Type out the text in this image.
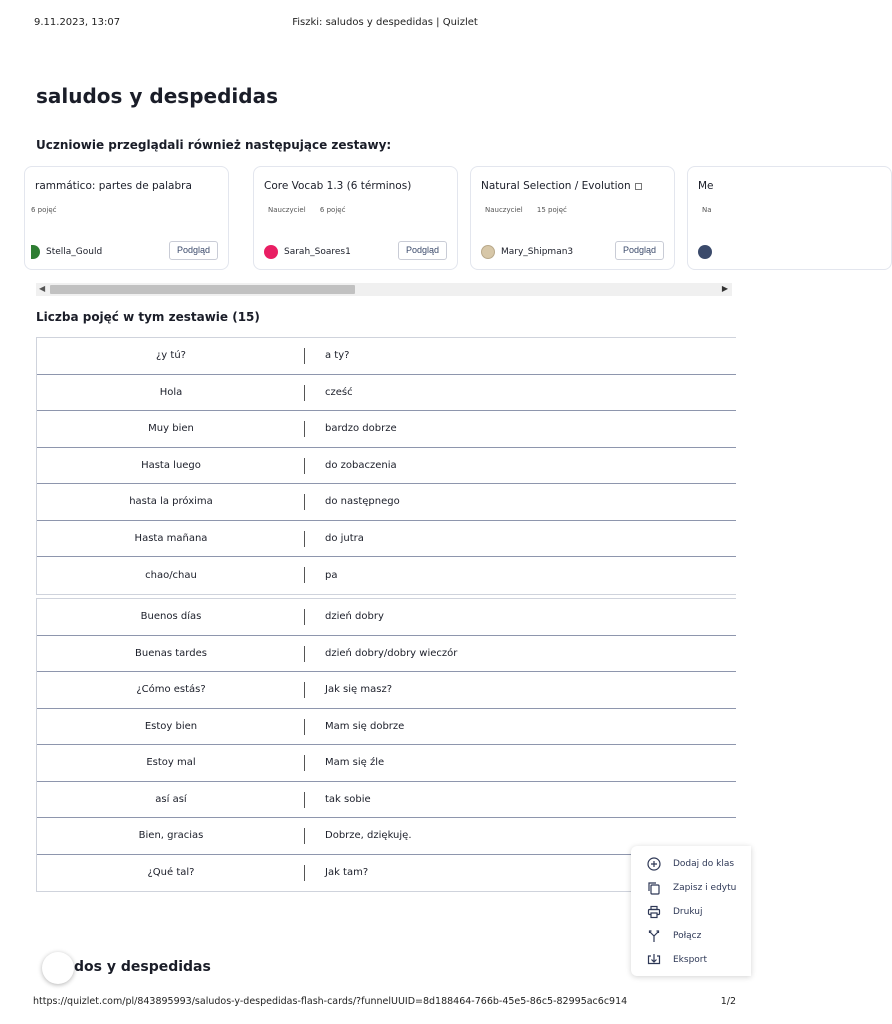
9.11.2023, 13:07	Fiszki: saludos y despedidas | Quizlet
saludos y despedidas
Uczniowie przeglądali również następujące zestawy:
rammático: partes de palabra
6 pojęć
Stella_Gould	Podgląd
Core Vocab 1.3 (6 términos)
Nauczyciel 6 pojęć
Sarah_Soares1	Podgląd
Natural Selection / Evolution
Nauczyciel 15 pojęć
Mary_Shipman3	Podgląd
Me
Na
◀	▶
Liczba pojęć w tym zestawie (15)
¿y tú?	a ty?
Hola	cześć
Muy bien	bardzo dobrze
Hasta luego	do zobaczenia
hasta la próxima	do następnego
Hasta mañana	do jutra
chao/chau	pa
Buenos días	dzień dobry
Buenas tardes	dzień dobry/dobry wieczór
¿Cómo estás?	Jak się masz?
Estoy bien	Mam się dobrze
Estoy mal	Mam się źle
así así	tak sobie
Bien, gracias	Dobrze, dziękuję.
¿Qué tal?	Jak tam?
Dodaj do klas
Zapisz i edytu
Drukuj
Połącz
Eksport
dos y despedidas
https://quizlet.com/pl/843895993/saludos-y-despedidas-flash-cards/?funnelUUID=8d188464-766b-45e5-86c5-82995ac6c914	1/2
